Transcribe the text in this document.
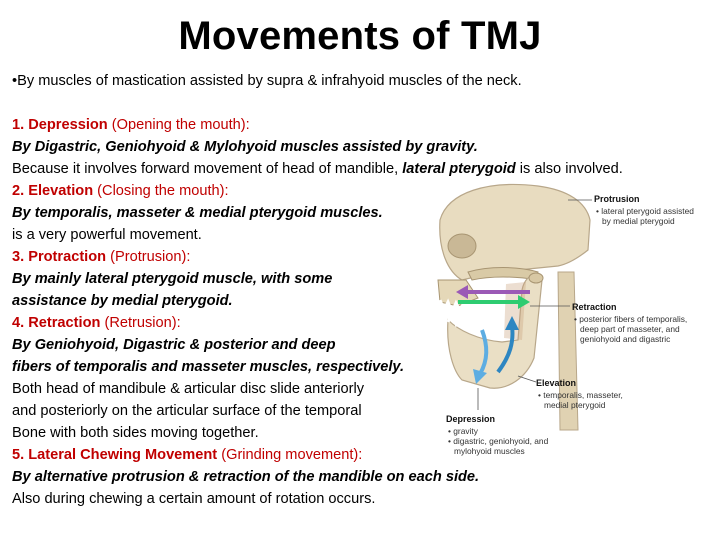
Movements of TMJ
•By muscles of mastication assisted by supra & infrahyoid muscles of the neck.
1. Depression (Opening the mouth):
By Digastric, Geniohyoid & Mylohyoid muscles assisted by gravity.
Because it involves forward movement of head of mandible, lateral pterygoid is also involved.
2. Elevation (Closing the mouth):
By temporalis, masseter & medial pterygoid muscles.
is a very powerful movement.
3. Protraction (Protrusion):
By mainly lateral pterygoid muscle, with some
assistance by medial pterygoid.
4. Retraction (Retrusion):
By Geniohyoid, Digastric & posterior and deep
fibers of temporalis and masseter muscles, respectively.
Both head of mandibule & articular disc slide anteriorly
and posteriorly on the articular surface of the temporal
Bone with both sides moving together.
5. Lateral Chewing Movement (Grinding movement):
By alternative protrusion & retraction of the mandible on each side.
Also during chewing a certain amount of rotation occurs.
Protrusion
• lateral pterygoid assisted
by medial pterygoid
Retraction
• posterior fibers of temporalis,
deep part of masseter, and
geniohyoid and digastric
Elevation
• temporalis, masseter,
medial pterygoid
Depression
• gravity
• digastric, geniohyoid, and
mylohyoid muscles
